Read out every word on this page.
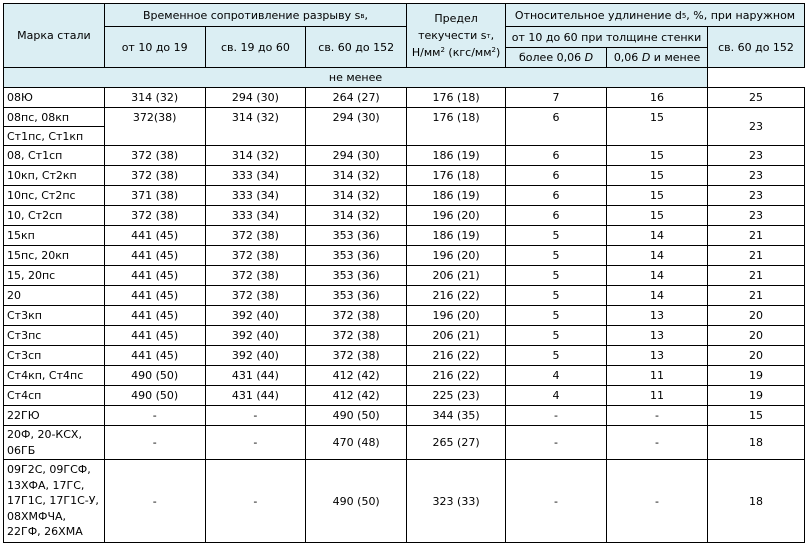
Марка стали	Временное сопротивление разрыву $s_в$,			Предел
текучести $s_т$,
$Н/мм^2$ $(кгс/мм^2)$	Относительное удлинение $d_5$, %, при наружном		
	от 10 до 19	св. 19 до 60	св. 60 до 152		от 10 до 60 при толщине стенки		св. 60 до 152
					более 0,06 D	0,06 D и менее	
не менее							
08Ю	314 (32)	294 (30)	264 (27)	176 (18)	7	16	25
08пс, 08кп	372(38)	314 (32)	294 (30)	176 (18)	6	15	23
Ст1пс, Ст1кп							
08, Ст1сп	372 (38)	314 (32)	294 (30)	186 (19)	6	15	23
10кп, Ст2кп	372 (38)	333 (34)	314 (32)	176 (18)	6	15	23
10пс, Ст2пс	371 (38)	333 (34)	314 (32)	186 (19)	6	15	23
10, Ст2сп	372 (38)	333 (34)	314 (32)	196 (20)	6	15	23
15кп	441 (45)	372 (38)	353 (36)	186 (19)	5	14	21
15пс, 20кп	441 (45)	372 (38)	353 (36)	196 (20)	5	14	21
15, 20пс	441 (45)	372 (38)	353 (36)	206 (21)	5	14	21
20	441 (45)	372 (38)	353 (36)	216 (22)	5	14	21
Ст3кп	441 (45)	392 (40)	372 (38)	196 (20)	5	13	20
Ст3пс	441 (45)	392 (40)	372 (38)	206 (21)	5	13	20
Ст3сп	441 (45)	392 (40)	372 (38)	216 (22)	5	13	20
Ст4кп, Ст4пс	490 (50)	431 (44)	412 (42)	216 (22)	4	11	19
Ст4сп	490 (50)	431 (44)	412 (42)	225 (23)	4	11	19
22ГЮ	-	-	490 (50)	344 (35)	-	-	15
20Ф, 20-КСХ, 06ГБ	-	-	470 (48)	265 (27)	-	-	18
09Г2С, 09ГСФ, 13ХФА, 17ГС, 17Г1С, 17Г1С-У, 08ХМФЧА, 22ГФ, 26ХМА	-	-	490 (50)	323 (33)	-	-	18
